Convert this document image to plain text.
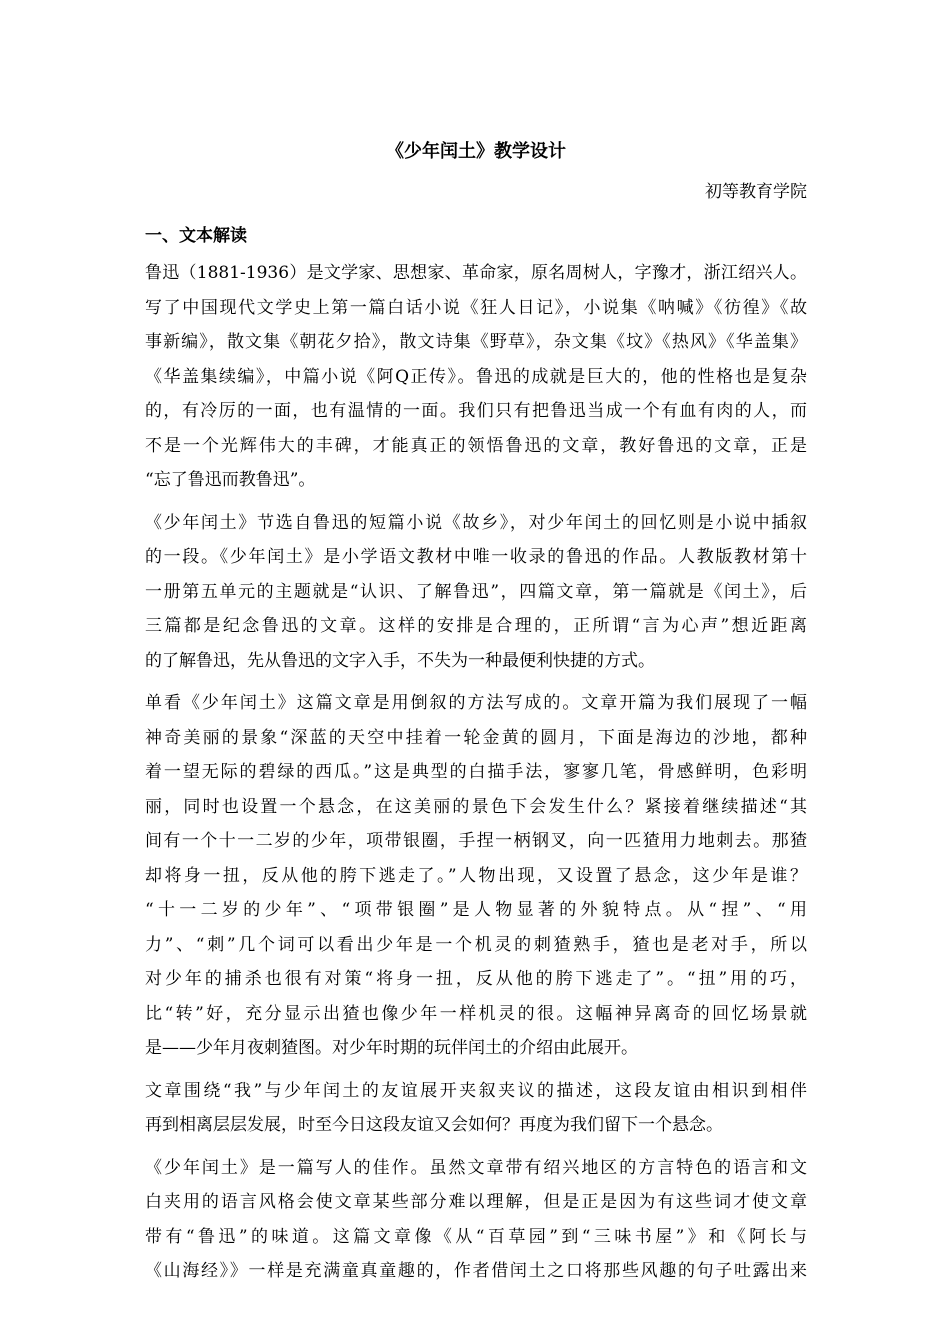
《少年闰土》教学设计
初等教育学院
一、文本解读
鲁迅（1881-1936）是文学家、思想家、革命家，原名周树人，字豫才，浙江绍兴人。
写了中国现代文学史上第一篇白话小说《狂人日记》，小说集《呐喊》《彷徨》《故
事新编》，散文集《朝花夕拾》，散文诗集《野草》，杂文集《坟》《热风》《华盖集》
《华盖集续编》，中篇小说《阿Q正传》。鲁迅的成就是巨大的，他的性格也是复杂
的，有冷厉的一面，也有温情的一面。我们只有把鲁迅当成一个有血有肉的人，而
不是一个光辉伟大的丰碑，才能真正的领悟鲁迅的文章，教好鲁迅的文章，正是
“忘了鲁迅而教鲁迅”。
《少年闰土》节选自鲁迅的短篇小说《故乡》，对少年闰土的回忆则是小说中插叙
的一段。《少年闰土》是小学语文教材中唯一收录的鲁迅的作品。人教版教材第十
一册第五单元的主题就是“认识、了解鲁迅”，四篇文章，第一篇就是《闰土》，后
三篇都是纪念鲁迅的文章。这样的安排是合理的，正所谓“言为心声”想近距离
的了解鲁迅，先从鲁迅的文字入手，不失为一种最便利快捷的方式。
单看《少年闰土》这篇文章是用倒叙的方法写成的。文章开篇为我们展现了一幅
神奇美丽的景象“深蓝的天空中挂着一轮金黄的圆月，下面是海边的沙地，都种
着一望无际的碧绿的西瓜。”这是典型的白描手法，寥寥几笔，骨感鲜明，色彩明
丽，同时也设置一个悬念，在这美丽的景色下会发生什么？紧接着继续描述“其
间有一个十一二岁的少年，项带银圈，手捏一柄钢叉，向一匹猹用力地刺去。那猹
却将身一扭，反从他的胯下逃走了。”人物出现，又设置了悬念，这少年是谁？
“十一二岁的少年”、“项带银圈”是人物显著的外貌特点。从“捏”、“用
力”、“刺”几个词可以看出少年是一个机灵的刺猹熟手，猹也是老对手，所以
对少年的捕杀也很有对策“将身一扭，反从他的胯下逃走了”。“扭”用的巧，
比“转”好，充分显示出猹也像少年一样机灵的很。这幅神异离奇的回忆场景就
是——少年月夜刺猹图。对少年时期的玩伴闰土的介绍由此展开。
文章围绕“我”与少年闰土的友谊展开夹叙夹议的描述，这段友谊由相识到相伴
再到相离层层发展，时至今日这段友谊又会如何？再度为我们留下一个悬念。
《少年闰土》是一篇写人的佳作。虽然文章带有绍兴地区的方言特色的语言和文
白夹用的语言风格会使文章某些部分难以理解，但是正是因为有这些词才使文章
带有“鲁迅”的味道。这篇文章像《从“百草园”到“三味书屋”》和《阿长与
《山海经》》一样是充满童真童趣的，作者借闰土之口将那些风趣的句子吐露出来
